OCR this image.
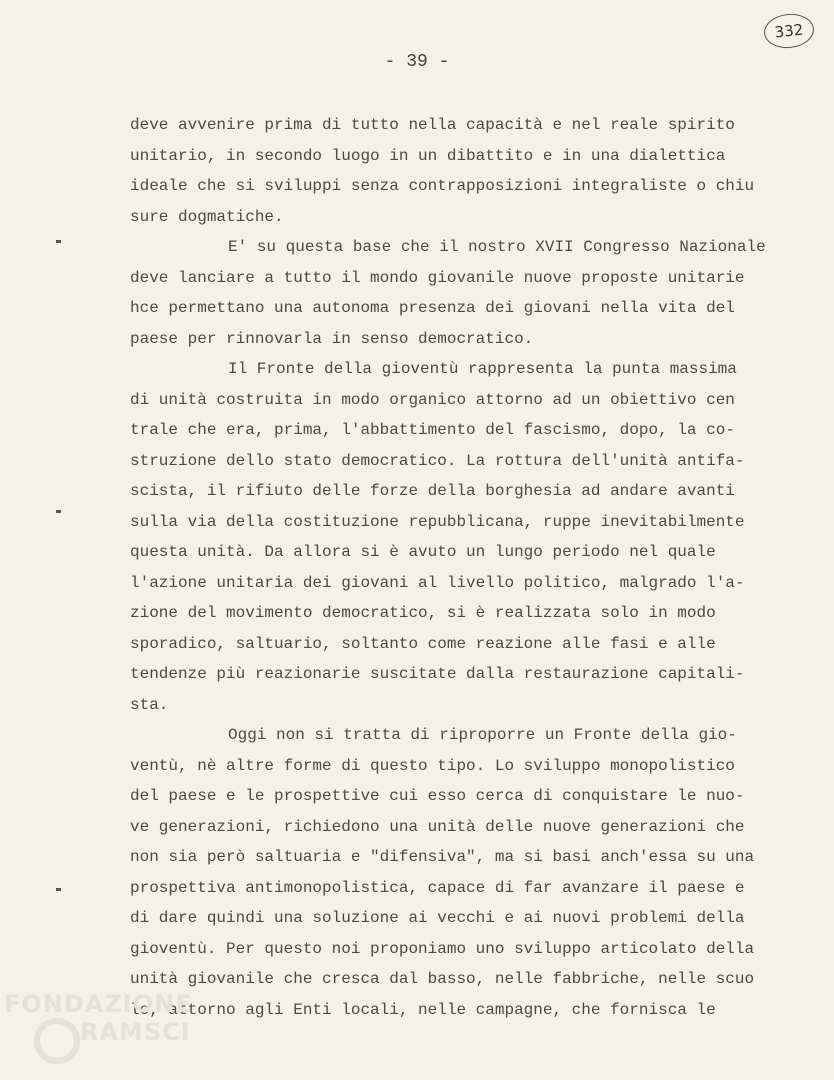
332
- 39 -
deve avvenire prima di tutto nella capacità e nel reale spirito
unitario, in secondo luogo in un dibattito e in una dialettica
ideale che si sviluppi senza contrapposizioni integraliste o chiu
sure dogmatiche.
E' su questa base che il nostro XVII Congresso Nazionale
deve lanciare a tutto il mondo giovanile nuove proposte unitarie
hce permettano una autonoma presenza dei giovani nella vita del
paese per rinnovarla in senso democratico.
Il Fronte della gioventù rappresenta la punta massima
di unità costruita in modo organico attorno ad un obiettivo cen
trale che era, prima, l'abbattimento del fascismo, dopo, la co-
struzione dello stato democratico. La rottura dell'unità antifa-
scista, il rifiuto delle forze della borghesia ad andare avanti
sulla via della costituzione repubblicana, ruppe inevitabilmente
questa unità. Da allora si è avuto un lungo periodo nel quale
l'azione unitaria dei giovani al livello politico, malgrado l'a-
zione del movimento democratico, si è realizzata solo in modo
sporadico, saltuario, soltanto come reazione alle fasi e alle
tendenze più reazionarie suscitate dalla restaurazione capitali-
sta.
Oggi non si tratta di riproporre un Fronte della gio-
ventù, nè altre forme di questo tipo. Lo sviluppo monopolistico
del paese e le prospettive cui esso cerca di conquistare le nuo-
ve generazioni, richiedono una unità delle nuove generazioni che
non sia però saltuaria e "difensiva", ma si basi anch'essa su una
prospettiva antimonopolistica, capace di far avanzare il paese e
di dare quindi una soluzione ai vecchi e ai nuovi problemi della
gioventù. Per questo noi proponiamo uno sviluppo articolato della
unità giovanile che cresca dal basso, nelle fabbriche, nelle scuo
le, attorno agli Enti locali, nelle campagne, che fornisca le
FONDAZIONE
RAMSCI
